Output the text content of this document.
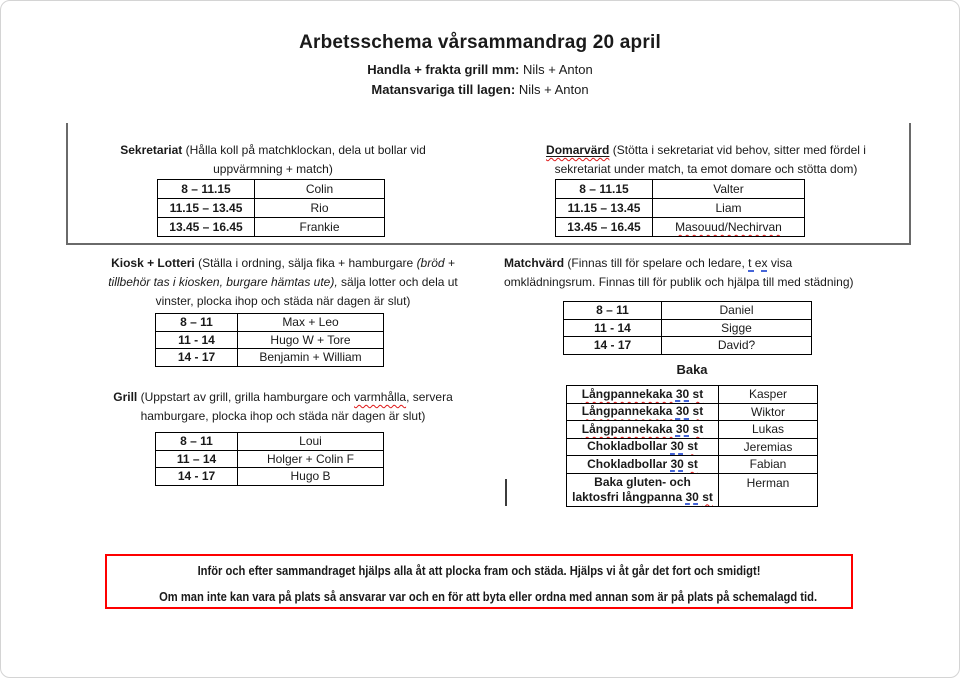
Arbetsschema vårsammandrag 20 april
Handla + frakta grill mm: Nils + Anton
Matansvariga till lagen: Nils + Anton
Sekretariat (Hålla koll på matchklockan, dela ut bollar vid
uppvärmning + match)
8 – 11.15	Colin
11.15 – 13.45	Rio
13.45 – 16.45	Frankie
Domarvärd (Stötta i sekretariat vid behov, sitter med fördel i
sekretariat under match, ta emot domare och stötta dom)
8 – 11.15	Valter
11.15 – 13.45	Liam
13.45 – 16.45	Masouud/Nechirvan
Kiosk + Lotteri (Ställa i ordning, sälja fika + hamburgare (bröd +
tillbehör tas i kiosken, burgare hämtas ute), sälja lotter och dela ut
vinster, plocka ihop och städa när dagen är slut)
8 – 11	Max + Leo
11 - 14	Hugo W + Tore
14 - 17	Benjamin + William
Matchvärd (Finnas till för spelare och ledare, t ex visa
omklädningsrum. Finnas till för publik och hjälpa till med städning)
8 – 11	Daniel
11 - 14	Sigge
14 - 17	David?
Grill (Uppstart av grill, grilla hamburgare och varmhålla, servera
hamburgare, plocka ihop och städa när dagen är slut)
8 – 11	Loui
11 – 14	Holger + Colin F
14 - 17	Hugo B
Baka
Långpannekaka 30 st	Kasper
Långpannekaka 30 st	Wiktor
Långpannekaka 30 st	Lukas
Chokladbollar 30 st	Jeremias
Chokladbollar 30 st	Fabian

Baka gluten- och
laktosfri långpanna 30 st	Herman
Inför och efter sammandraget hjälps alla åt att plocka fram och städa. Hjälps vi åt går det fort och smidigt!
Om man inte kan vara på plats så ansvarar var och en för att byta eller ordna med annan som är på plats på schemalagd tid.
